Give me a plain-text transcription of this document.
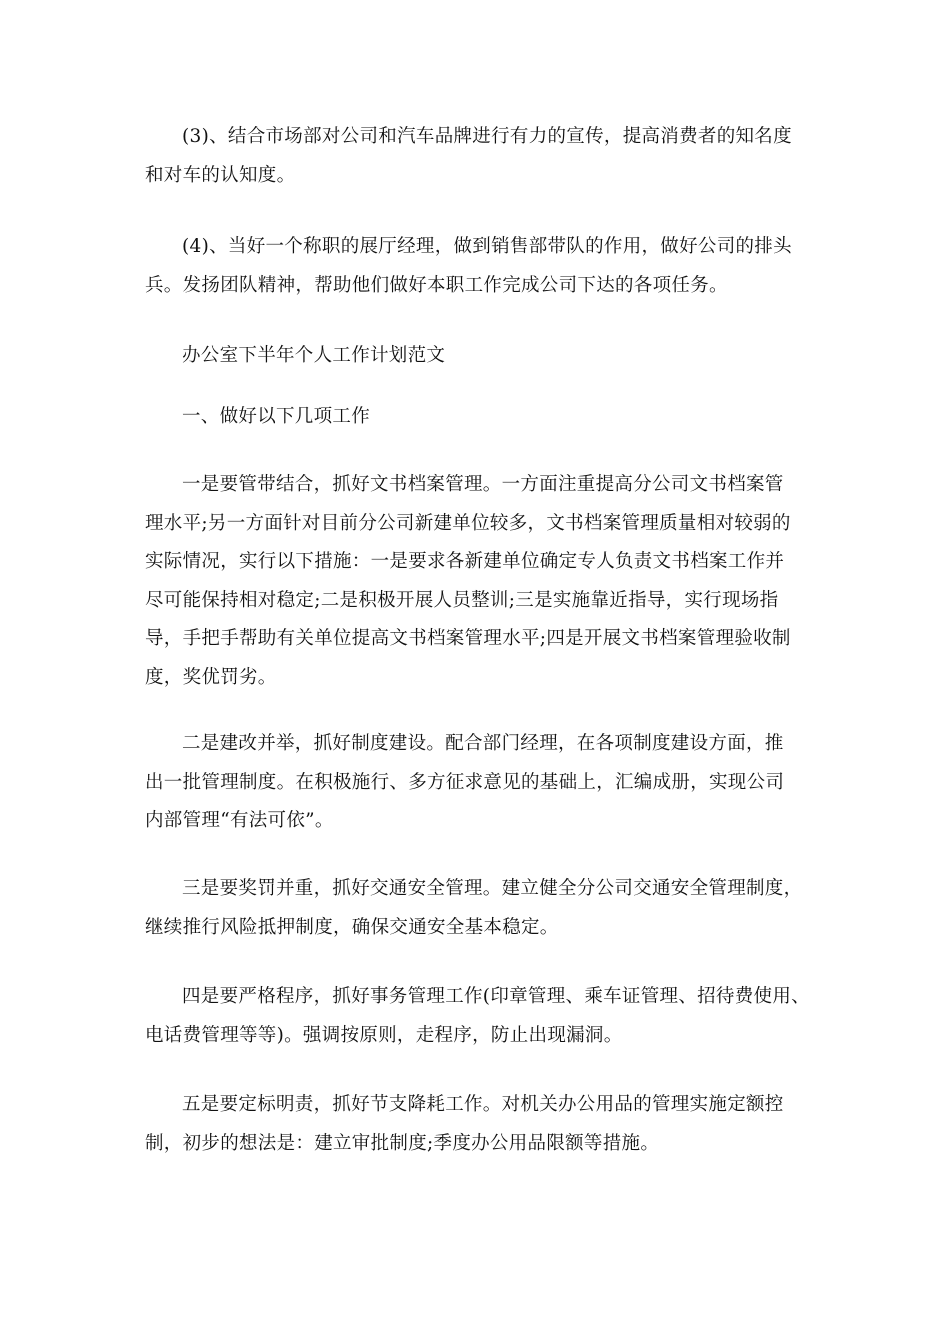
(3)、结合市场部对公司和汽车品牌进行有力的宣传，提高消费者的知名度
和对车的认知度。

(4)、当好一个称职的展厅经理，做到销售部带队的作用，做好公司的排头
兵。发扬团队精神，帮助他们做好本职工作完成公司下达的各项任务。

办公室下半年个人工作计划范文

一、做好以下几项工作

一是要管带结合，抓好文书档案管理。一方面注重提高分公司文书档案管
理水平;另一方面针对目前分公司新建单位较多，文书档案管理质量相对较弱的
实际情况，实行以下措施：一是要求各新建单位确定专人负责文书档案工作并
尽可能保持相对稳定;二是积极开展人员整训;三是实施靠近指导，实行现场指
导，手把手帮助有关单位提高文书档案管理水平;四是开展文书档案管理验收制
度，奖优罚劣。

二是建改并举，抓好制度建设。配合部门经理，在各项制度建设方面，推
出一批管理制度。在积极施行、多方征求意见的基础上，汇编成册，实现公司
内部管理“有法可依”。

三是要奖罚并重，抓好交通安全管理。建立健全分公司交通安全管理制度，
继续推行风险抵押制度，确保交通安全基本稳定。

四是要严格程序，抓好事务管理工作(印章管理、乘车证管理、招待费使用、
电话费管理等等)。强调按原则，走程序，防止出现漏洞。

五是要定标明责，抓好节支降耗工作。对机关办公用品的管理实施定额控
制，初步的想法是：建立审批制度;季度办公用品限额等措施。
